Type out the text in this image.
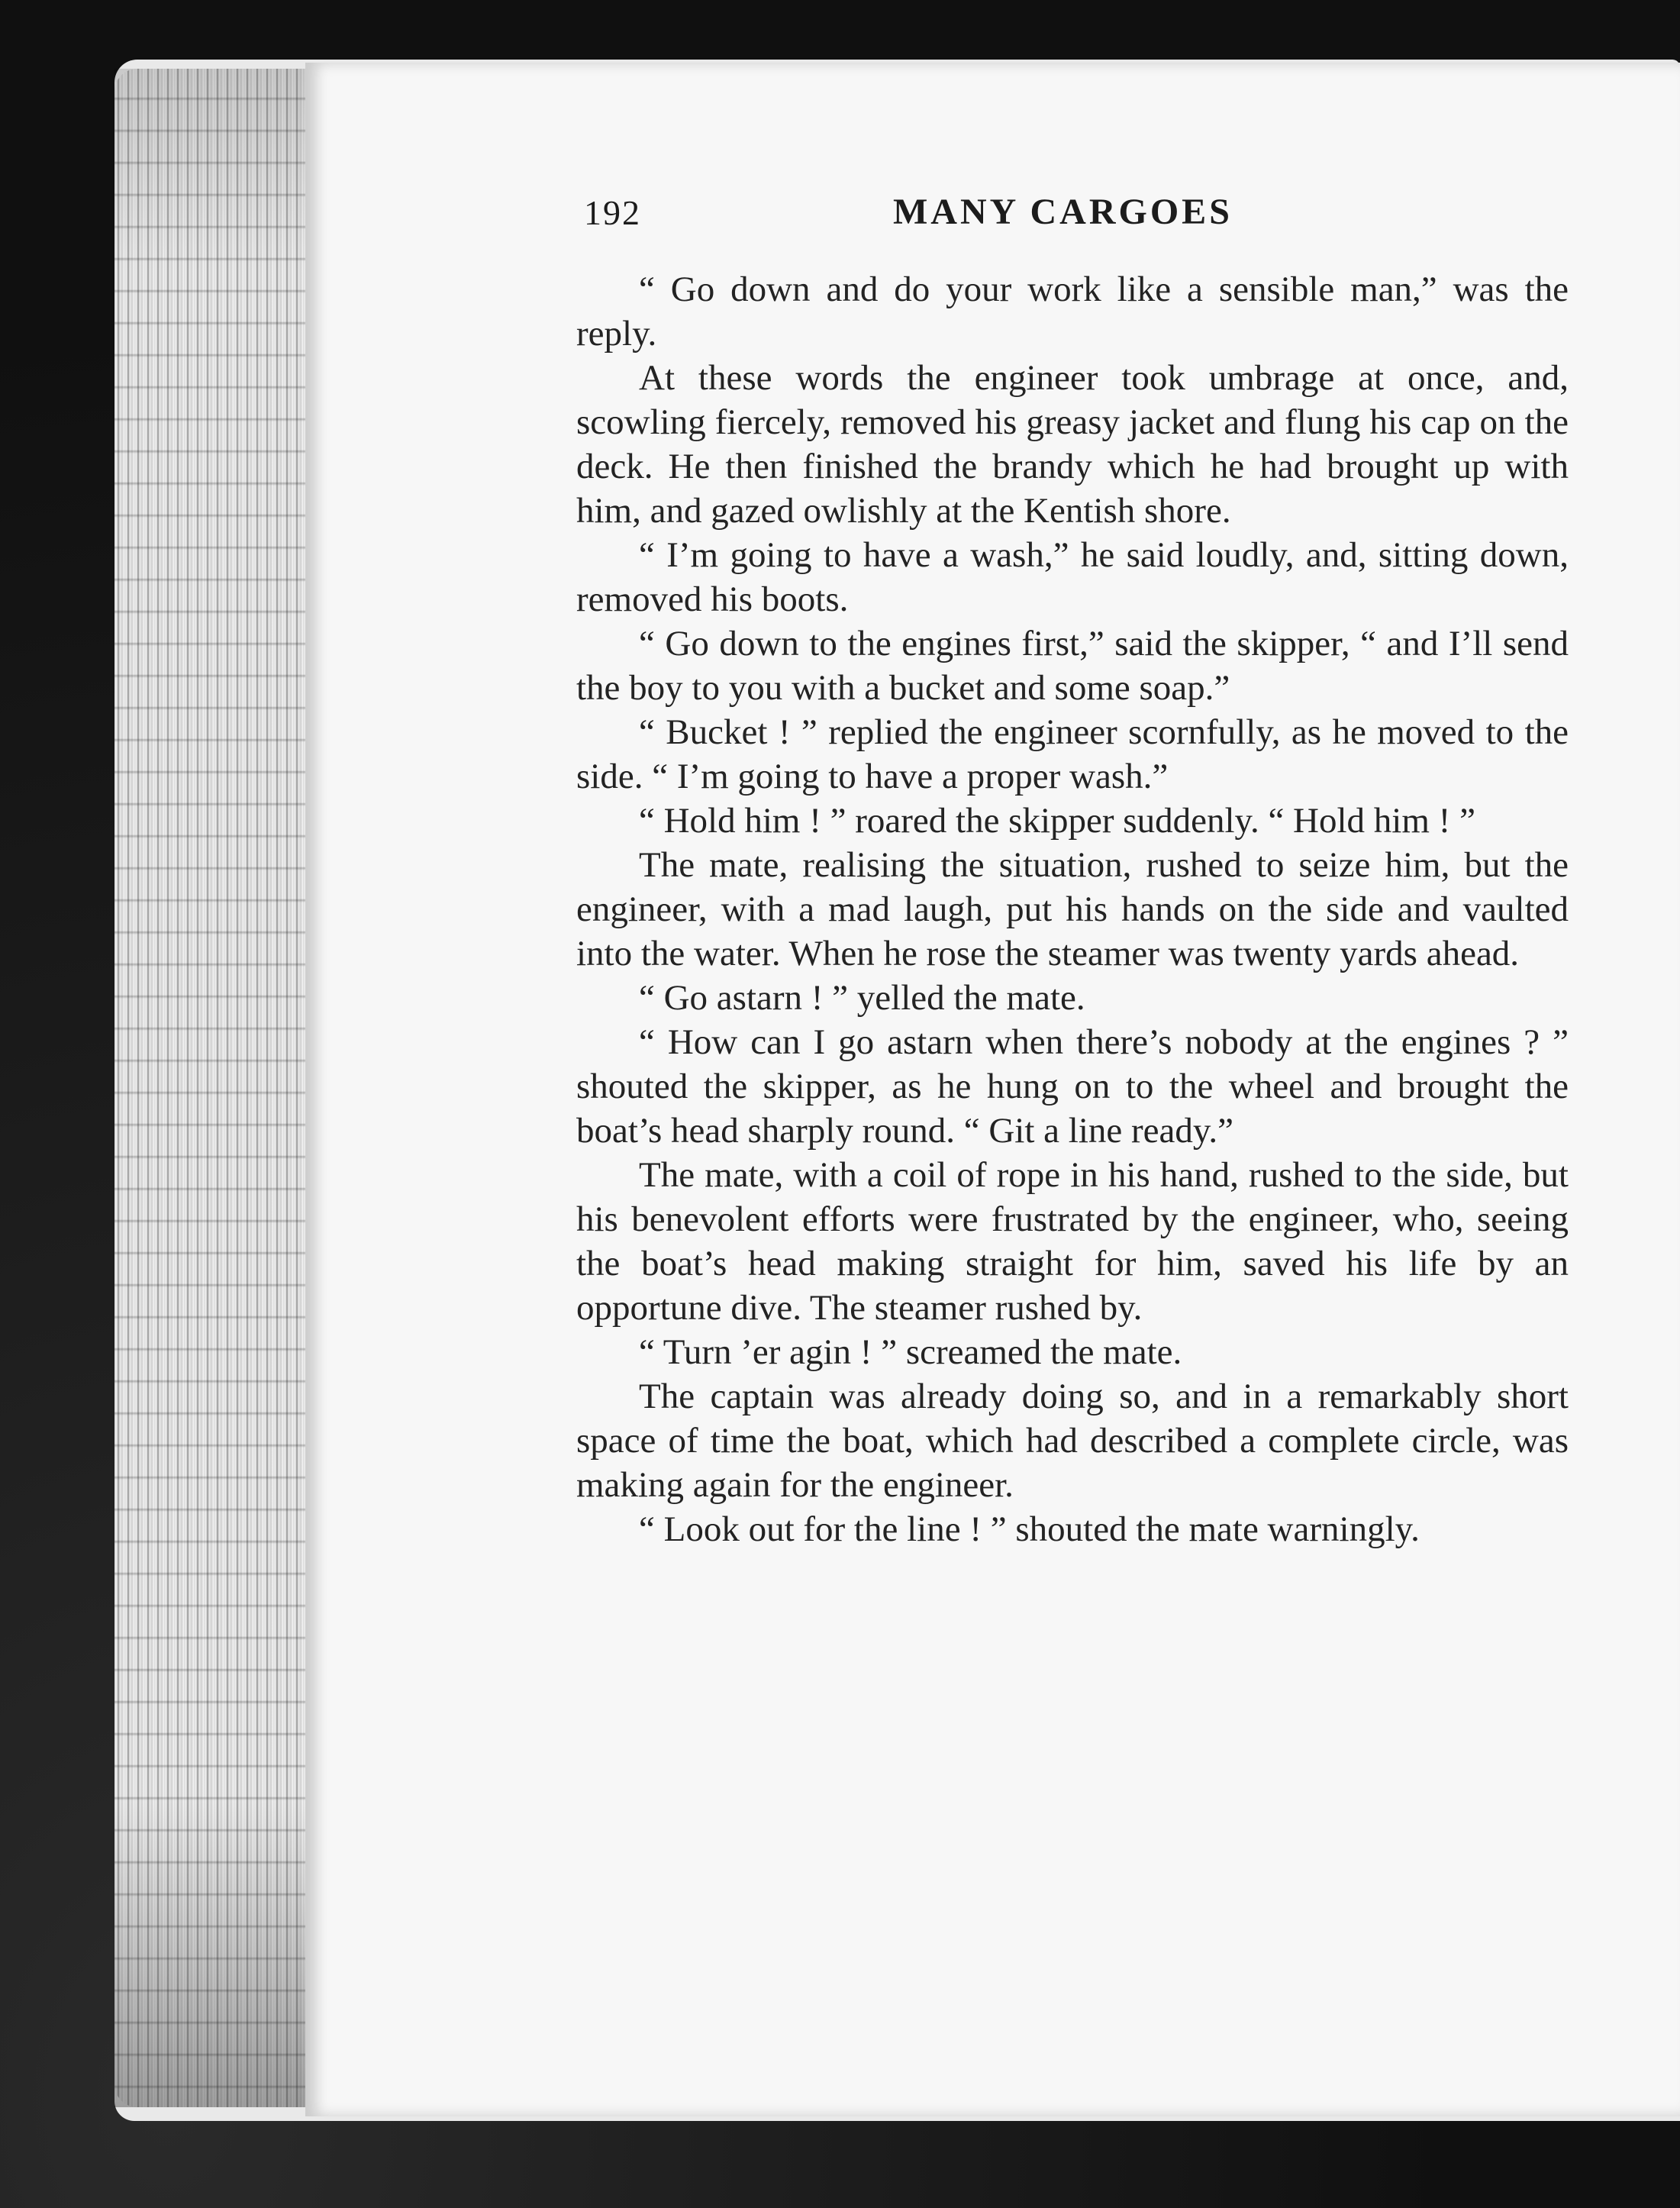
192	MANY CARGOES

“ Go down and do your work like a sensible man,” was the reply.

At these words the engineer took umbrage at once, and, scowling fiercely, removed his greasy jacket and flung his cap on the deck. He then finished the brandy which he had brought up with him, and gazed owlishly at the Kentish shore.

“ I’m going to have a wash,” he said loudly, and, sitting down, removed his boots.

“ Go down to the engines first,” said the skipper, “ and I’ll send the boy to you with a bucket and some soap.”

“ Bucket ! ” replied the engineer scornfully, as he moved to the side. “ I’m going to have a proper wash.”

“ Hold him ! ” roared the skipper suddenly. “ Hold him ! ”

The mate, realising the situation, rushed to seize him, but the engineer, with a mad laugh, put his hands on the side and vaulted into the water. When he rose the steamer was twenty yards ahead.

“ Go astarn ! ” yelled the mate.

“ How can I go astarn when there’s nobody at the engines ? ” shouted the skipper, as he hung on to the wheel and brought the boat’s head sharply round. “ Git a line ready.”

The mate, with a coil of rope in his hand, rushed to the side, but his benevolent efforts were frustrated by the engineer, who, seeing the boat’s head making straight for him, saved his life by an opportune dive. The steamer rushed by.

“ Turn ’er agin ! ” screamed the mate.

The captain was already doing so, and in a remarkably short space of time the boat, which had described a complete circle, was making again for the engineer.

“ Look out for the line ! ” shouted the mate warningly.
